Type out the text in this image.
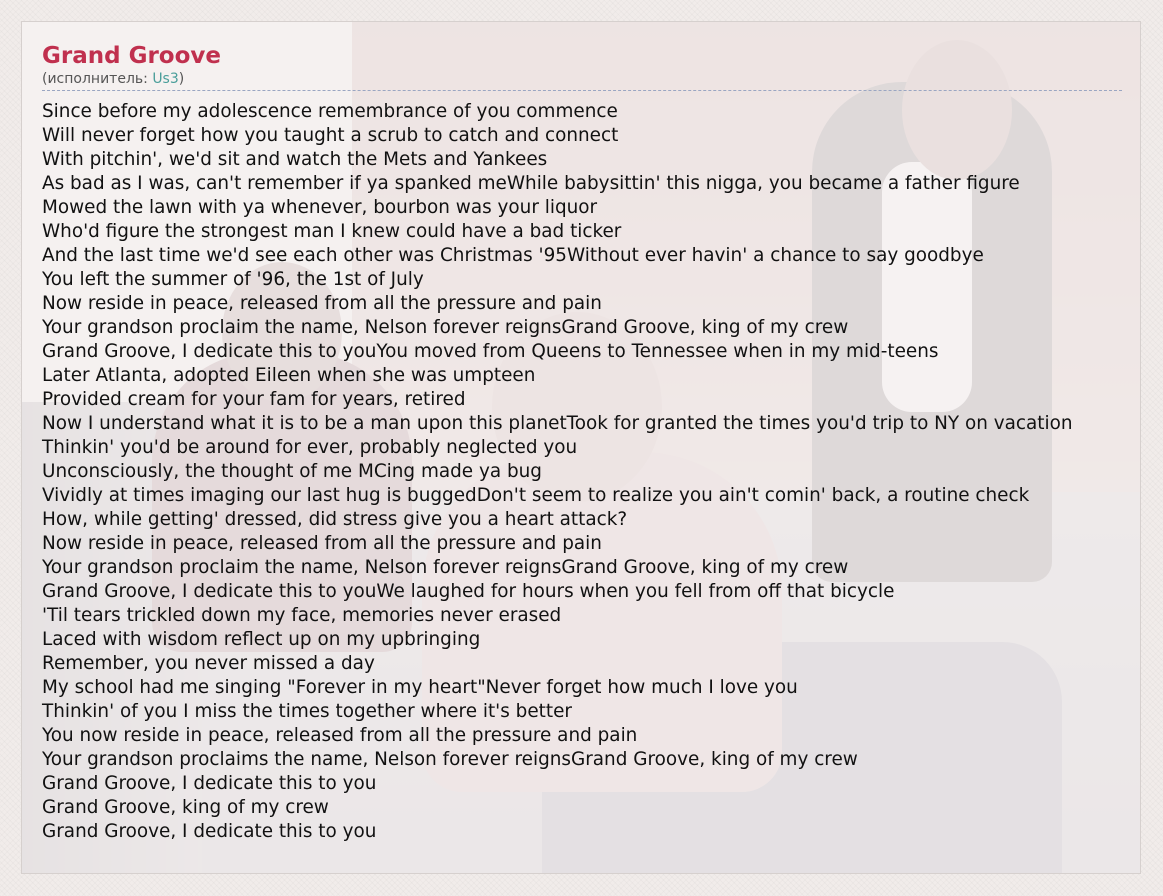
Grand Groove
(исполнитель: Us3)
Since before my adolescence remembrance of you commence
Will never forget how you taught a scrub to catch and connect
With pitchin', we'd sit and watch the Mets and Yankees
As bad as I was, can't remember if ya spanked meWhile babysittin' this nigga, you became a father figure
Mowed the lawn with ya whenever, bourbon was your liquor
Who'd figure the strongest man I knew could have a bad ticker
And the last time we'd see each other was Christmas '95Without ever havin' a chance to say goodbye
You left the summer of '96, the 1st of July
Now reside in peace, released from all the pressure and pain
Your grandson proclaim the name, Nelson forever reignsGrand Groove, king of my crew
Grand Groove, I dedicate this to youYou moved from Queens to Tennessee when in my mid-teens
Later Atlanta, adopted Eileen when she was umpteen
Provided cream for your fam for years, retired
Now I understand what it is to be a man upon this planetTook for granted the times you'd trip to NY on vacation
Thinkin' you'd be around for ever, probably neglected you
Unconsciously, the thought of me MCing made ya bug
Vividly at times imaging our last hug is buggedDon't seem to realize you ain't comin' back, a routine check
How, while getting' dressed, did stress give you a heart attack?
Now reside in peace, released from all the pressure and pain
Your grandson proclaim the name, Nelson forever reignsGrand Groove, king of my crew
Grand Groove, I dedicate this to youWe laughed for hours when you fell from off that bicycle
'Til tears trickled down my face, memories never erased
Laced with wisdom reflect up on my upbringing
Remember, you never missed a day
My school had me singing "Forever in my heart"Never forget how much I love you
Thinkin' of you I miss the times together where it's better
You now reside in peace, released from all the pressure and pain
Your grandson proclaims the name, Nelson forever reignsGrand Groove, king of my crew
Grand Groove, I dedicate this to you
Grand Groove, king of my crew
Grand Groove, I dedicate this to you
